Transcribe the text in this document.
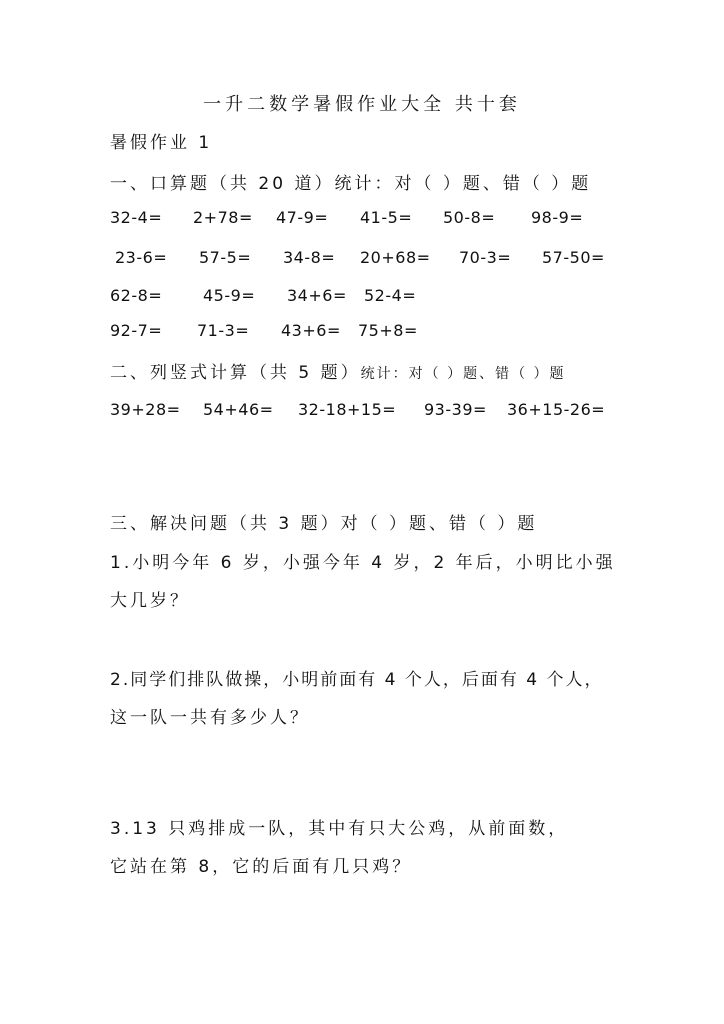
一升二数学暑假作业大全 共十套
暑假作业 1
一、口算题（共 20 道）统计：对（ ）题、错（ ）题
32-4= 2+78= 47-9= 41-5= 50-8= 98-9=
23-6= 57-5= 34-8= 20+68= 70-3= 57-50=
62-8=	45-9= 34+6= 52-4=
92-7= 71-3= 43+6= 75+8=
二、列竖式计算（共 5 题）统计：对（ ）题、错（ ）题
39+28= 54+46= 32-18+15= 93-39= 36+15-26=
三、解决问题（共 3 题）对（ ）题、错（ ）题
1.小明今年 6 岁，小强今年 4 岁，2 年后，小明比小强
大几岁？
2.同学们排队做操，小明前面有 4 个人，后面有 4 个人，
这一队一共有多少人？
3.13 只鸡排成一队，其中有只大公鸡，从前面数，
它站在第 8，它的后面有几只鸡？
